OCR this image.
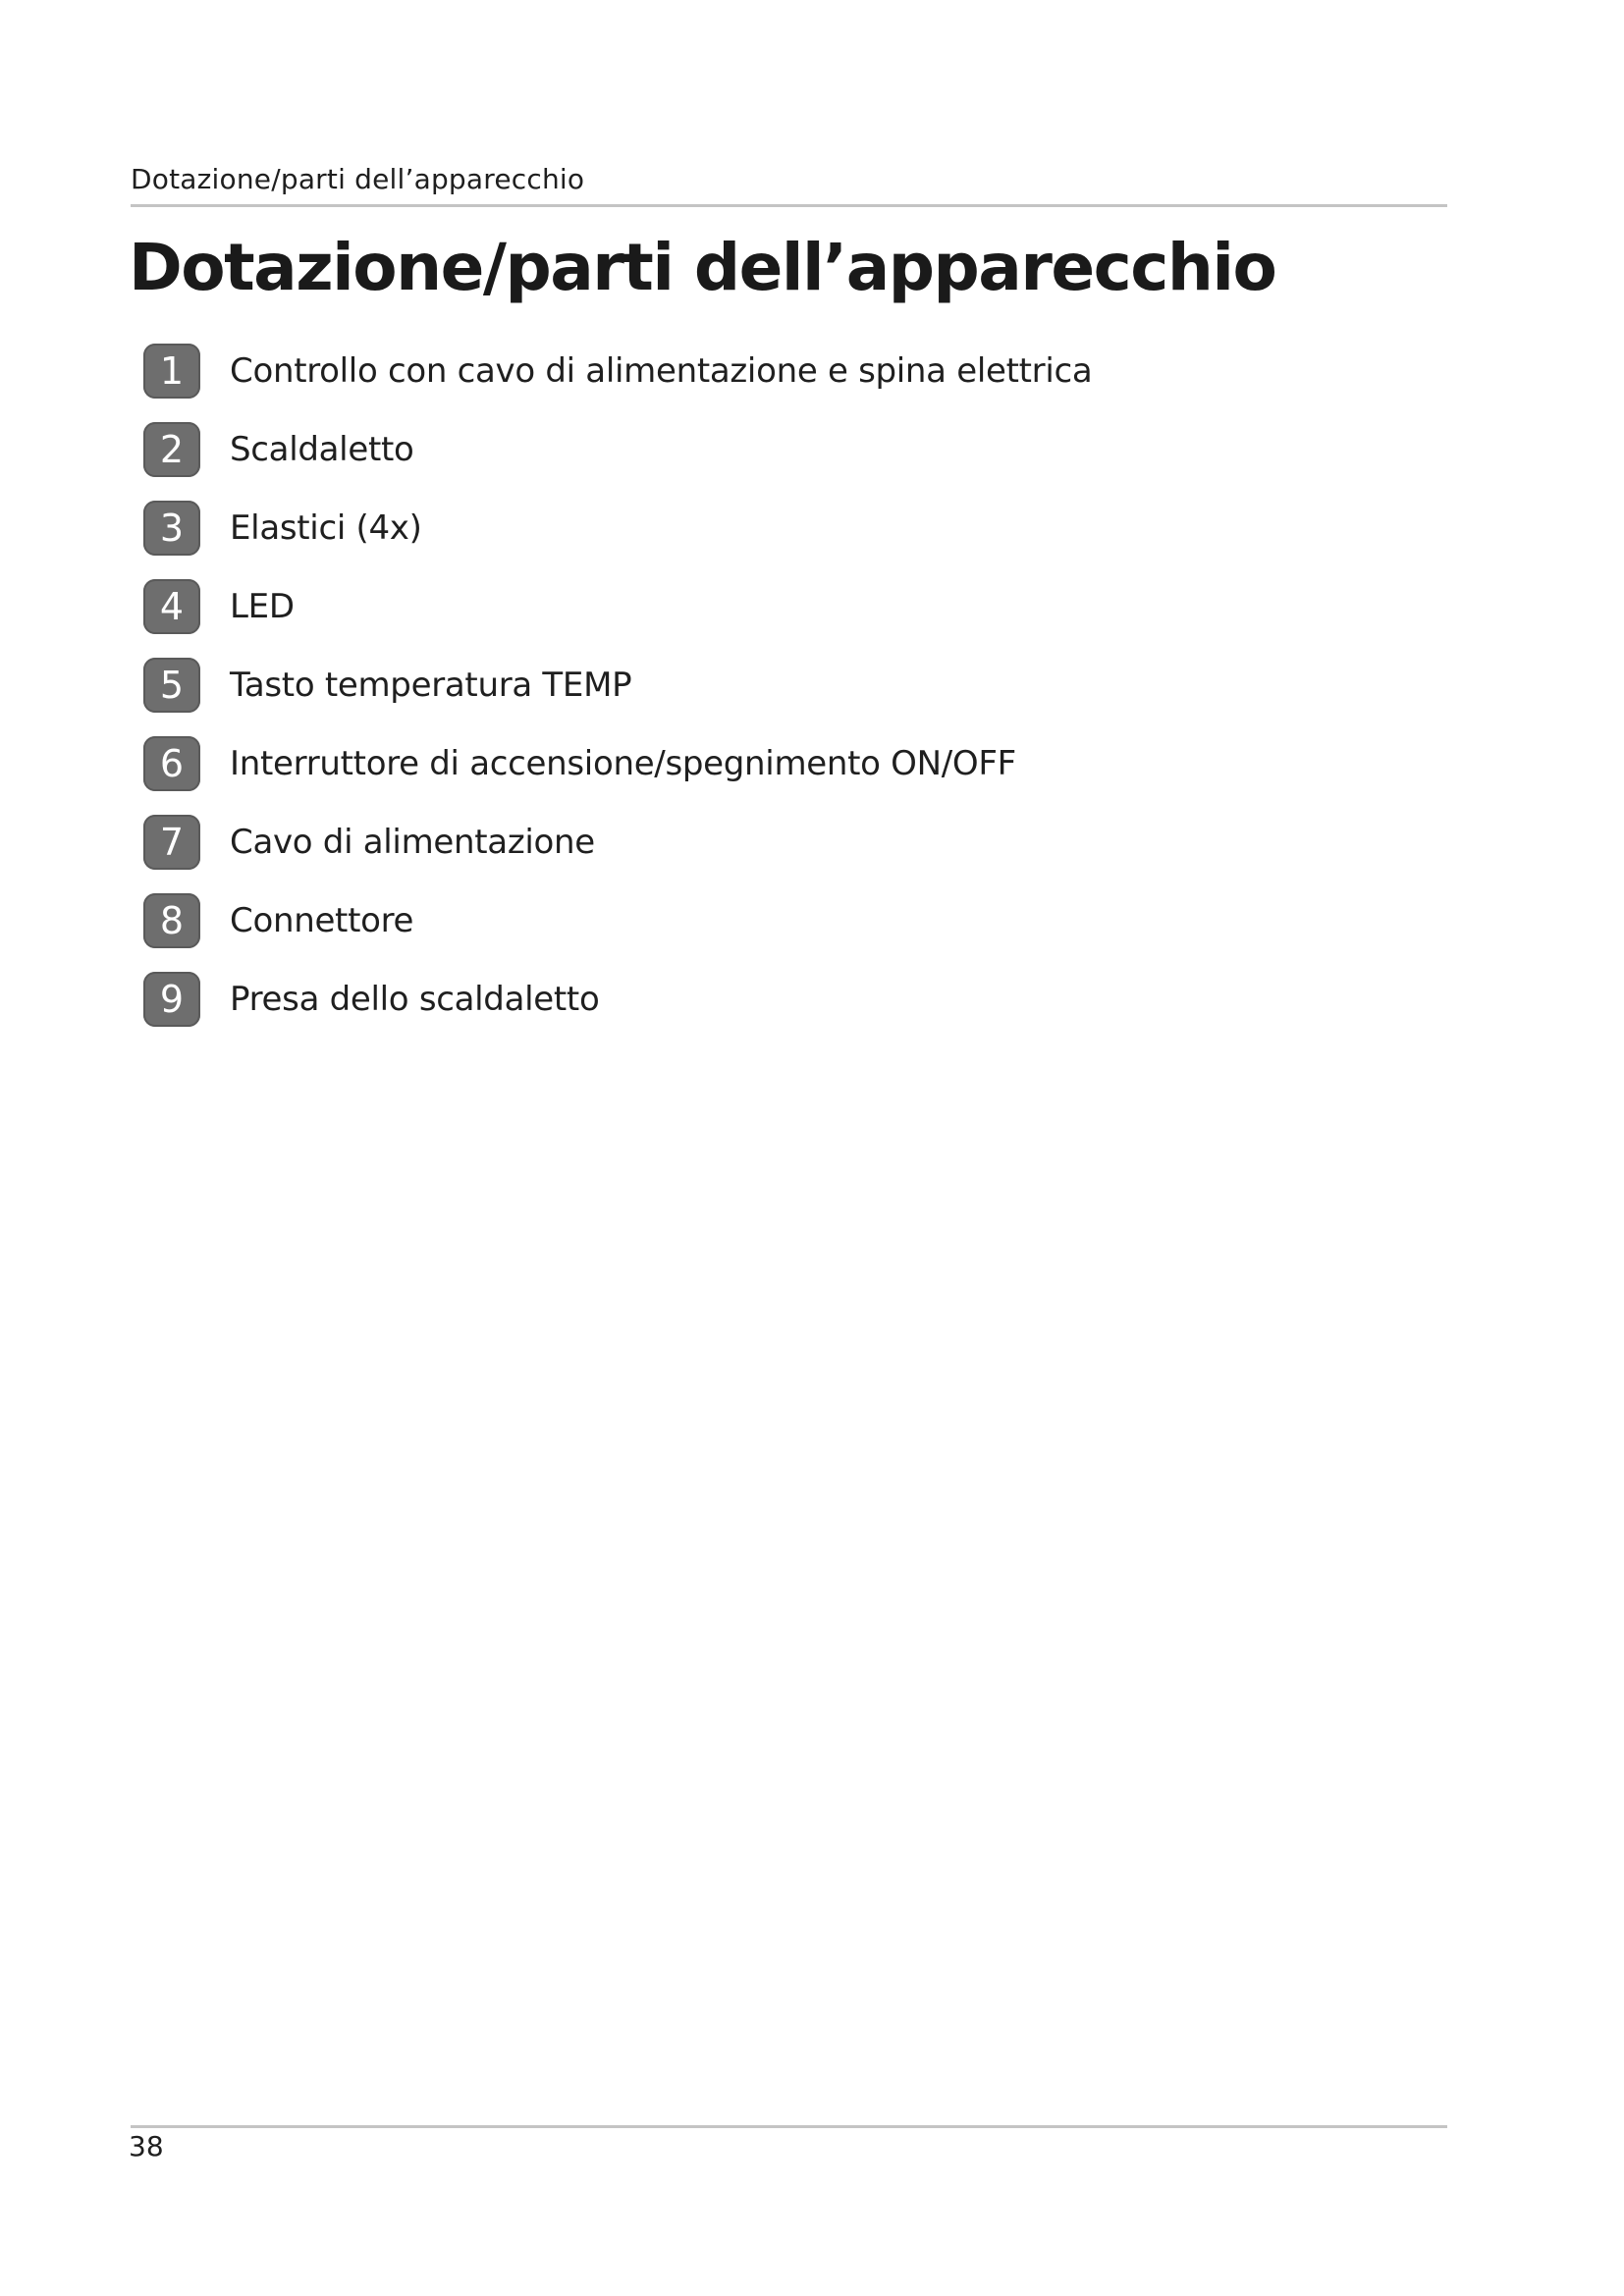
Dotazione/parti dell’apparecchio
Dotazione/parti dell’apparecchio
1	Controllo con cavo di alimentazione e spina elettrica
2	Scaldaletto
3	Elastici (4x)
4	LED
5	Tasto temperatura TEMP
6	Interruttore di accensione/spegnimento ON/OFF
7	Cavo di alimentazione
8	Connettore
9	Presa dello scaldaletto
38
